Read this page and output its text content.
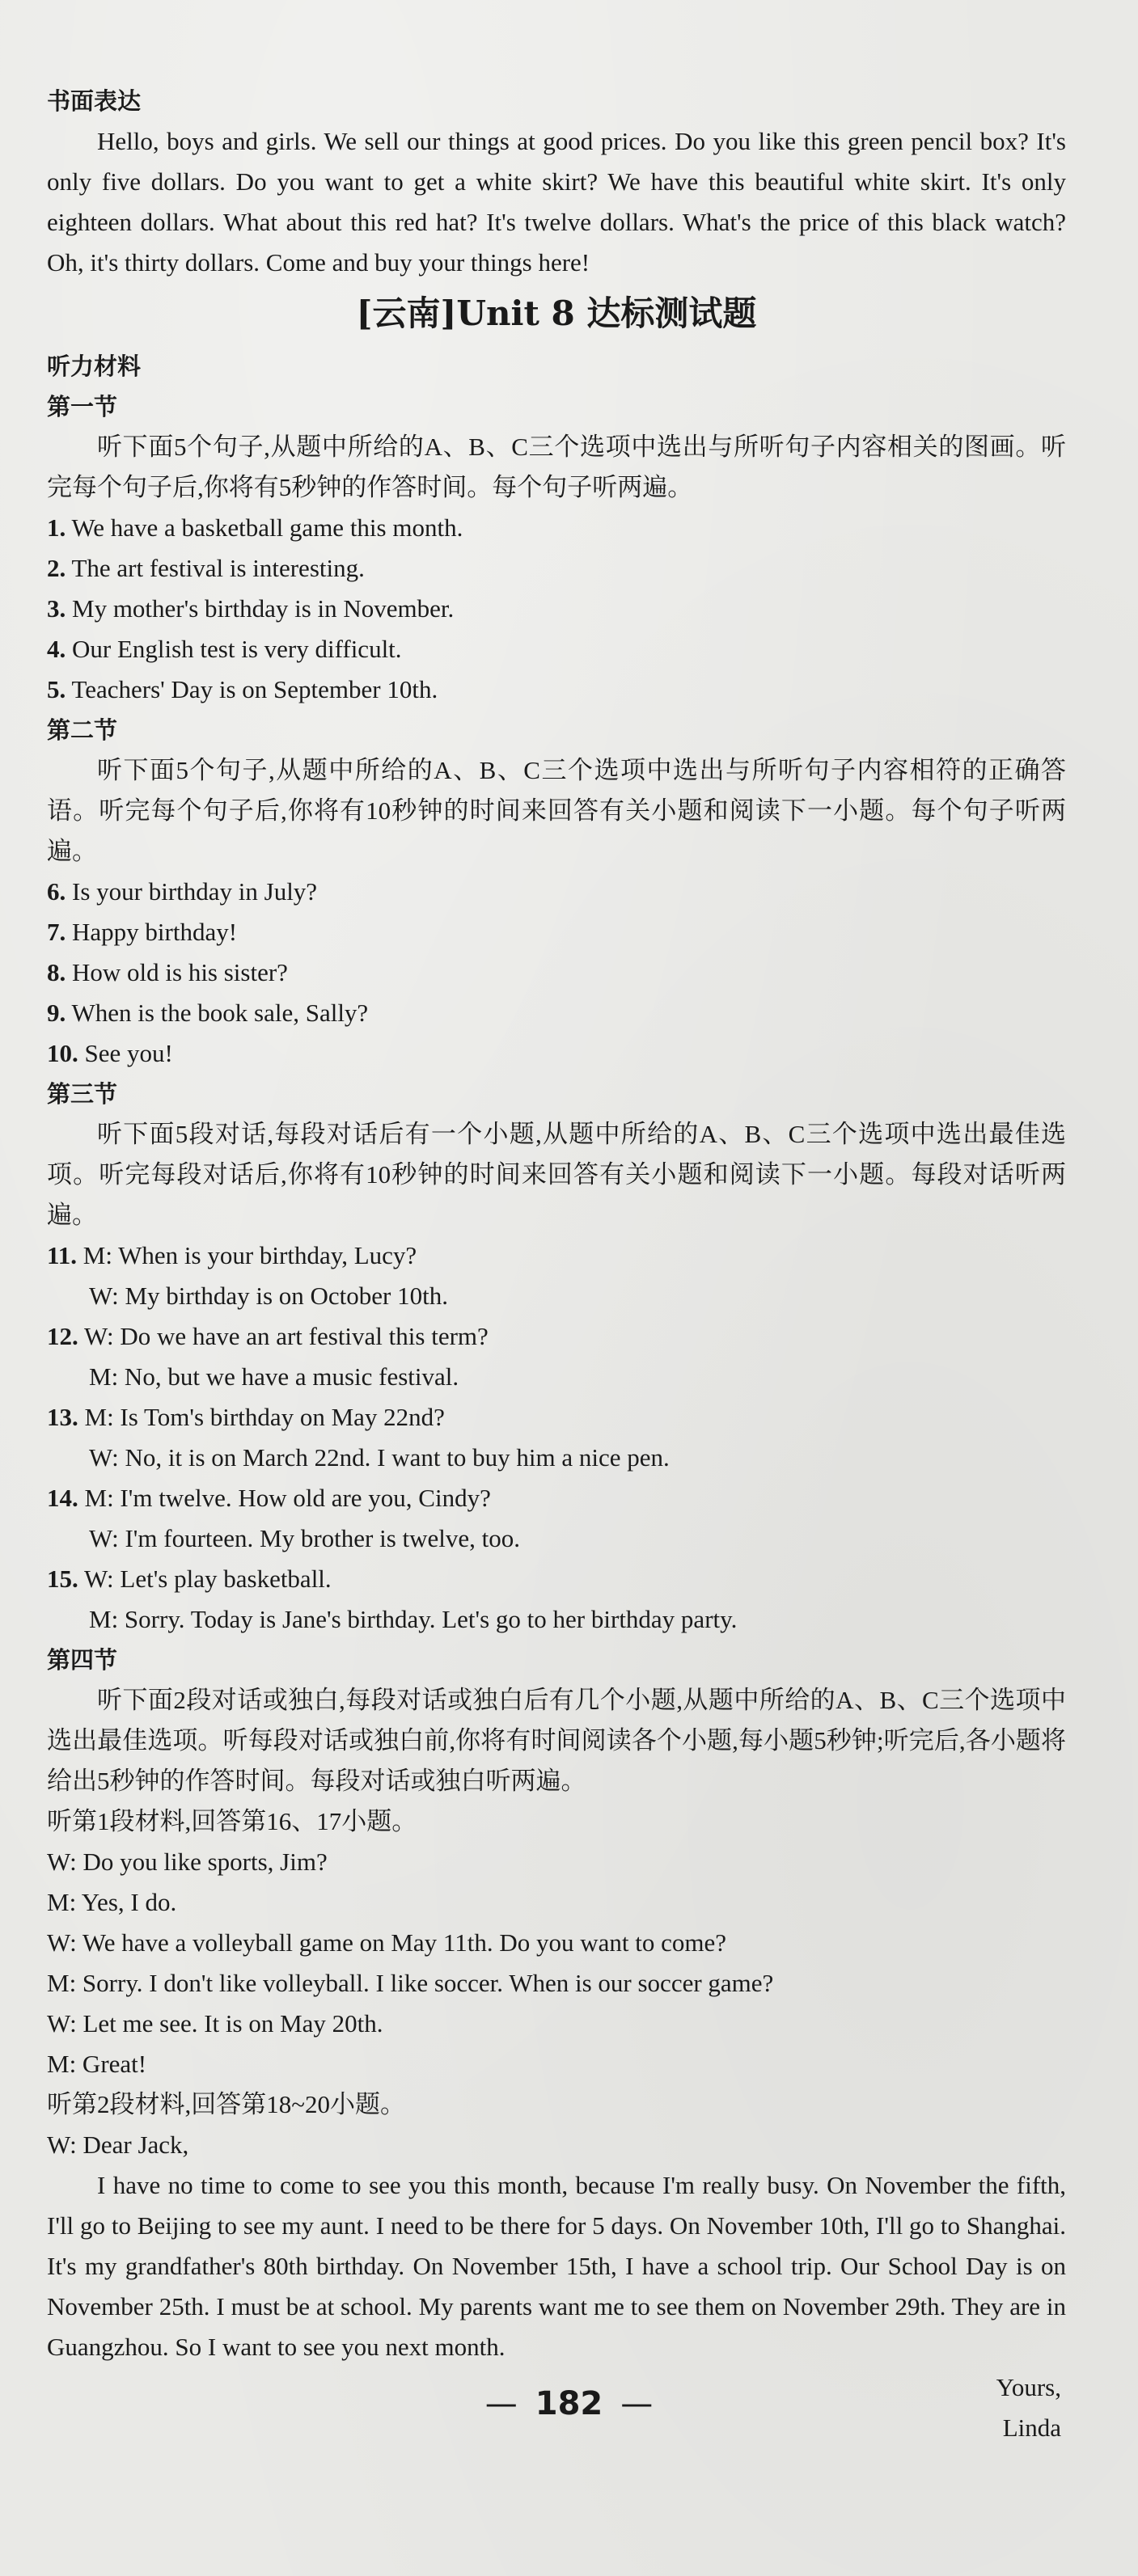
书面表达
Hello, boys and girls. We sell our things at good prices. Do you like this green pencil box? It's only five dollars. Do you want to get a white skirt? We have this beautiful white skirt. It's only eighteen dollars. What about this red hat? It's twelve dollars. What's the price of this black watch? Oh, it's thirty dollars. Come and buy your things here!
[云南]Unit 8 达标测试题
听力材料
第一节
听下面5个句子,从题中所给的A、B、C三个选项中选出与所听句子内容相关的图画。听完每个句子后,你将有5秒钟的作答时间。每个句子听两遍。
1. We have a basketball game this month.
2. The art festival is interesting.
3. My mother's birthday is in November.
4. Our English test is very difficult.
5. Teachers' Day is on September 10th.
第二节
听下面5个句子,从题中所给的A、B、C三个选项中选出与所听句子内容相符的正确答语。听完每个句子后,你将有10秒钟的时间来回答有关小题和阅读下一小题。每个句子听两遍。
6. Is your birthday in July?
7. Happy birthday!
8. How old is his sister?
9. When is the book sale, Sally?
10. See you!
第三节
听下面5段对话,每段对话后有一个小题,从题中所给的A、B、C三个选项中选出最佳选项。听完每段对话后,你将有10秒钟的时间来回答有关小题和阅读下一小题。每段对话听两遍。
11. M: When is your birthday, Lucy?
W: My birthday is on October 10th.
12. W: Do we have an art festival this term?
M: No, but we have a music festival.
13. M: Is Tom's birthday on May 22nd?
W: No, it is on March 22nd. I want to buy him a nice pen.
14. M: I'm twelve. How old are you, Cindy?
W: I'm fourteen. My brother is twelve, too.
15. W: Let's play basketball.
M: Sorry. Today is Jane's birthday. Let's go to her birthday party.
第四节
听下面2段对话或独白,每段对话或独白后有几个小题,从题中所给的A、B、C三个选项中选出最佳选项。听每段对话或独白前,你将有时间阅读各个小题,每小题5秒钟;听完后,各小题将给出5秒钟的作答时间。每段对话或独白听两遍。
听第1段材料,回答第16、17小题。
W: Do you like sports, Jim?
M: Yes, I do.
W: We have a volleyball game on May 11th. Do you want to come?
M: Sorry. I don't like volleyball. I like soccer. When is our soccer game?
W: Let me see. It is on May 20th.
M: Great!
听第2段材料,回答第18~20小题。
W: Dear Jack,
I have no time to come to see you this month, because I'm really busy. On November the fifth, I'll go to Beijing to see my aunt. I need to be there for 5 days. On November 10th, I'll go to Shanghai. It's my grandfather's 80th birthday. On November 15th, I have a school trip. Our School Day is on November 25th. I must be at school. My parents want me to see them on November 29th. They are in Guangzhou. So I want to see you next month.
Yours,
Linda
— 182 —
